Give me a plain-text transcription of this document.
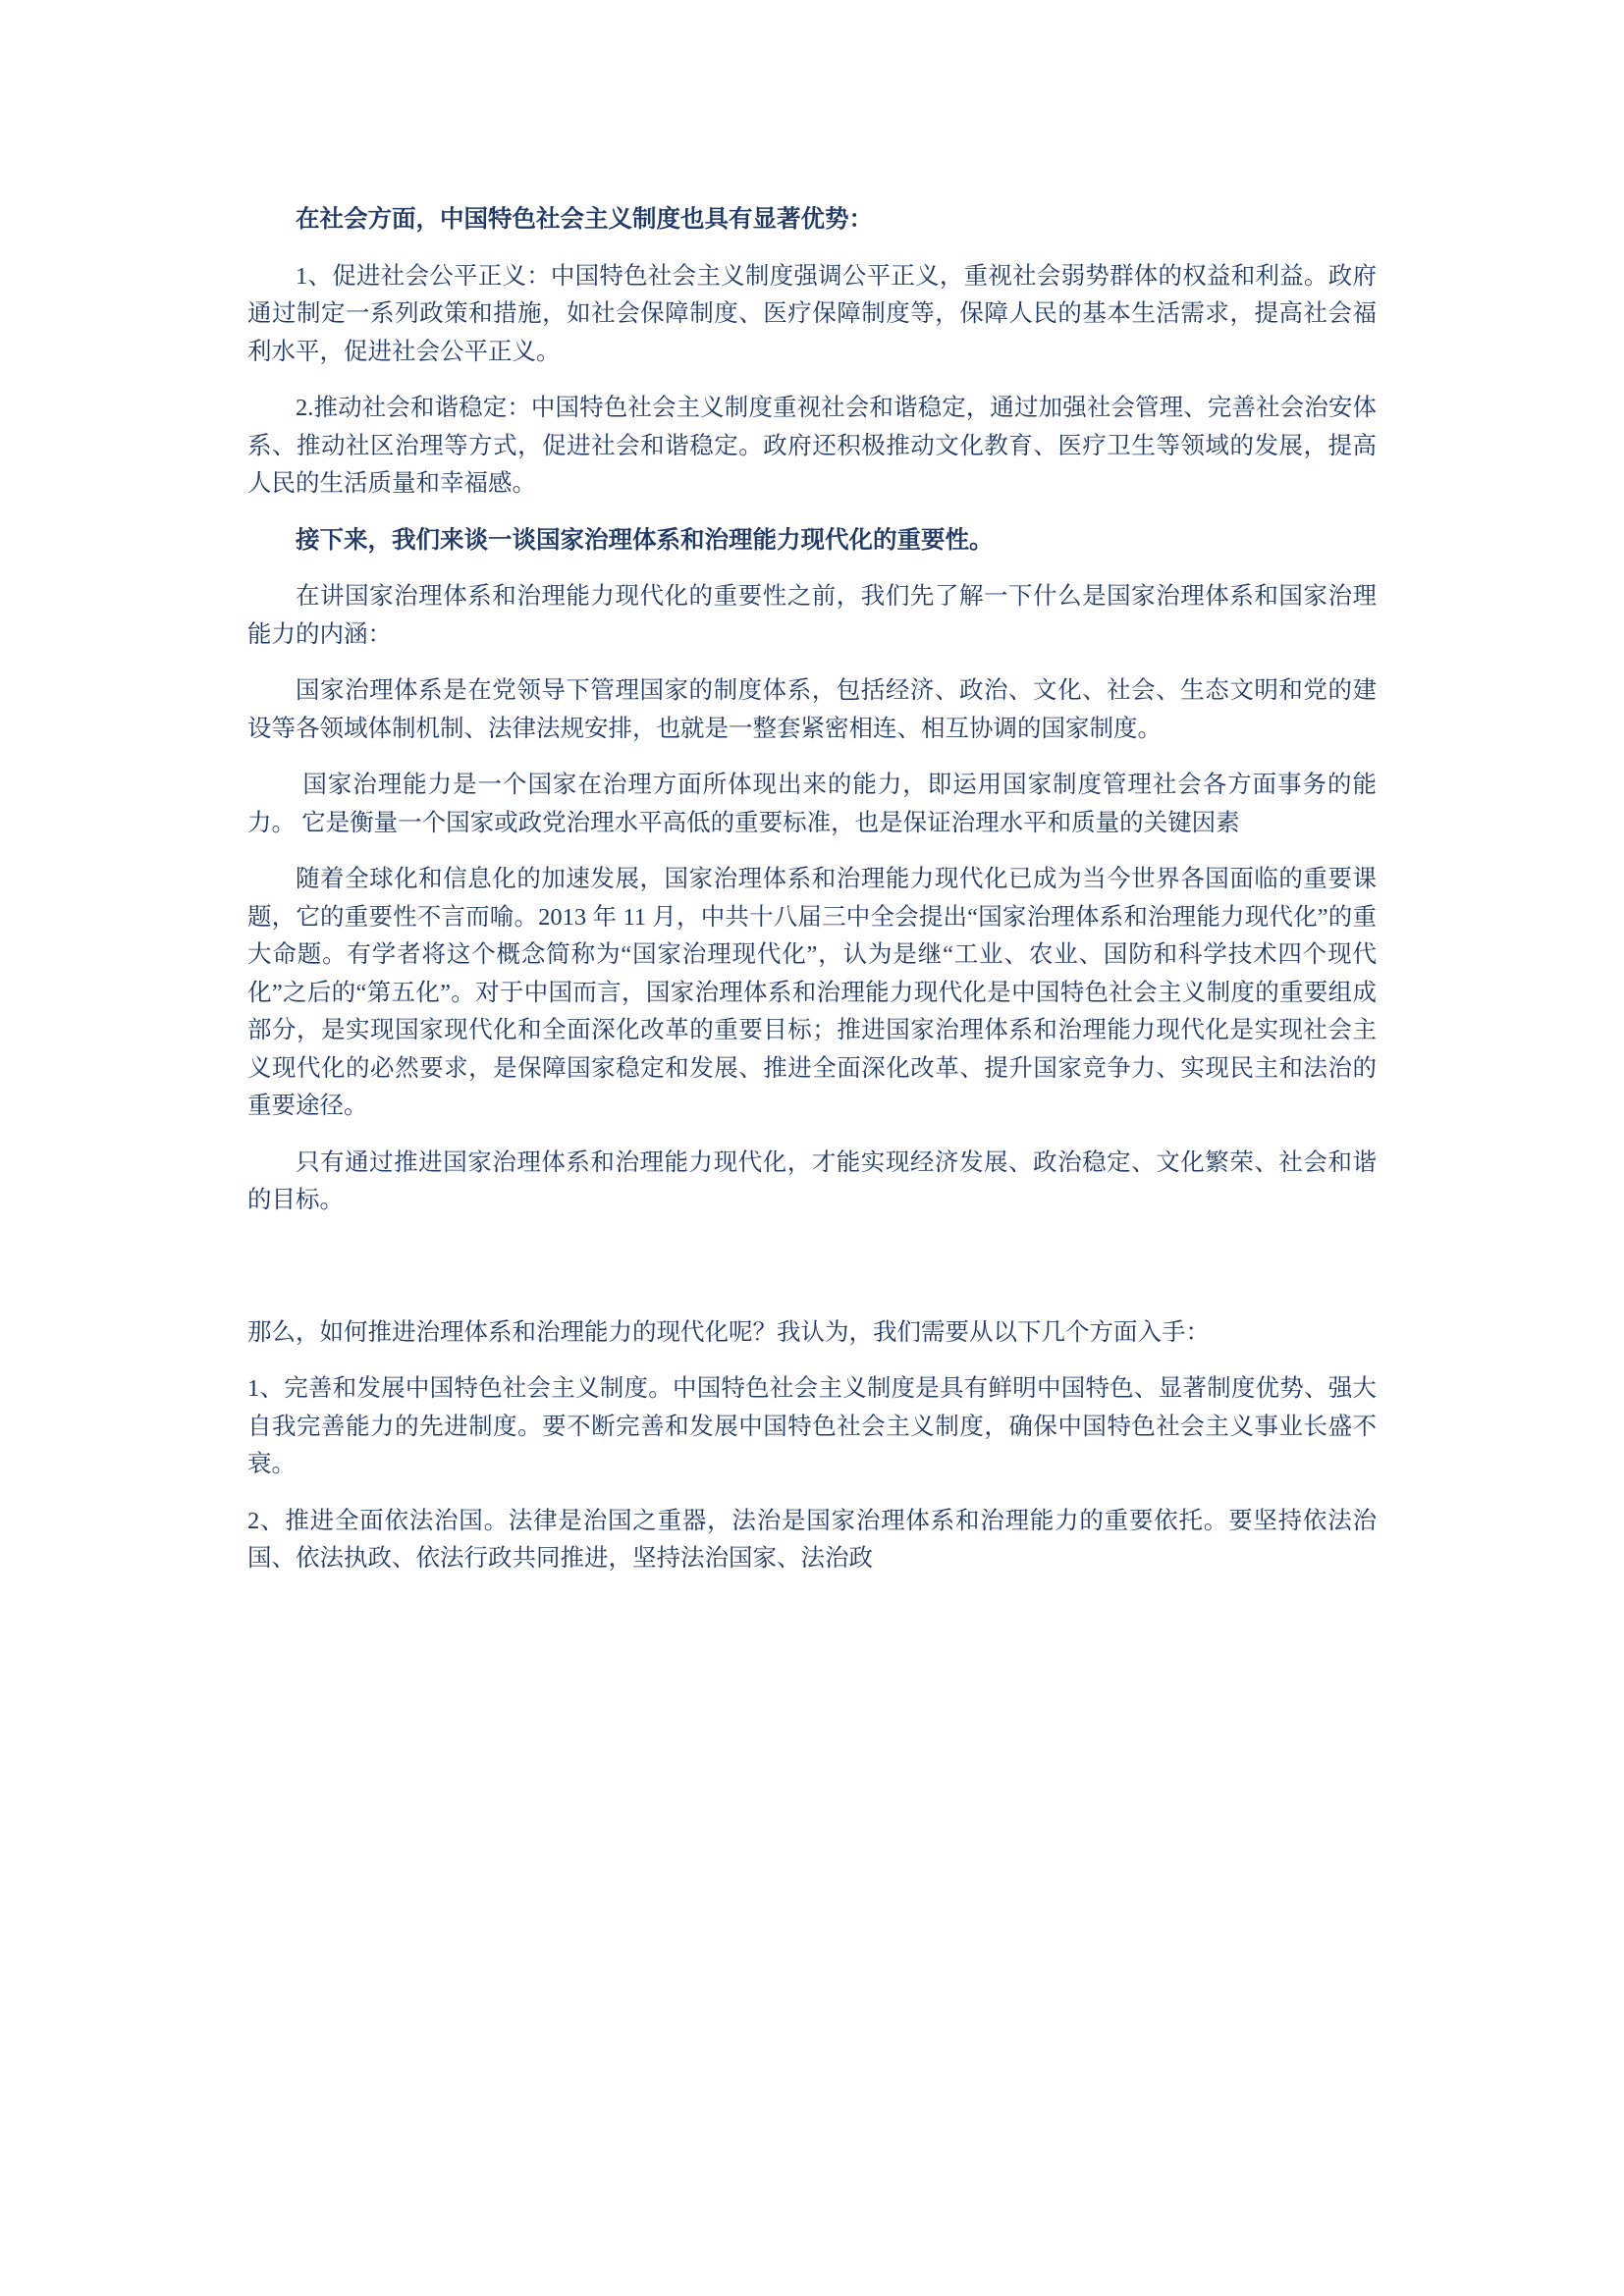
在社会方面，中国特色社会主义制度也具有显著优势：

1、促进社会公平正义：中国特色社会主义制度强调公平正义，重视社会弱势群体的权益和利益。政府通过制定一系列政策和措施，如社会保障制度、医疗保障制度等，保障人民的基本生活需求，提高社会福利水平，促进社会公平正义。

2.推动社会和谐稳定：中国特色社会主义制度重视社会和谐稳定，通过加强社会管理、完善社会治安体系、推动社区治理等方式，促进社会和谐稳定。政府还积极推动文化教育、医疗卫生等领域的发展，提高人民的生活质量和幸福感。

接下来，我们来谈一谈国家治理体系和治理能力现代化的重要性。

在讲国家治理体系和治理能力现代化的重要性之前，我们先了解一下什么是国家治理体系和国家治理能力的内涵：

国家治理体系是在党领导下管理国家的制度体系，包括经济、政治、文化、社会、生态文明和党的建设等各领域体制机制、法律法规安排，也就是一整套紧密相连、相互协调的国家制度。

国家治理能力是一个国家在治理方面所体现出来的能力，即运用国家制度管理社会各方面事务的能力。 它是衡量一个国家或政党治理水平高低的重要标准，也是保证治理水平和质量的关键因素

随着全球化和信息化的加速发展，国家治理体系和治理能力现代化已成为当今世界各国面临的重要课题，它的重要性不言而喻。2013 年 11 月，中共十八届三中全会提出“国家治理体系和治理能力现代化”的重大命题。有学者将这个概念简称为“国家治理现代化”，认为是继“工业、农业、国防和科学技术四个现代化”之后的“第五化”。对于中国而言，国家治理体系和治理能力现代化是中国特色社会主义制度的重要组成部分，是实现国家现代化和全面深化改革的重要目标；推进国家治理体系和治理能力现代化是实现社会主义现代化的必然要求，是保障国家稳定和发展、推进全面深化改革、提升国家竞争力、实现民主和法治的重要途径。

只有通过推进国家治理体系和治理能力现代化，才能实现经济发展、政治稳定、文化繁荣、社会和谐的目标。

那么，如何推进治理体系和治理能力的现代化呢？我认为，我们需要从以下几个方面入手：

1、完善和发展中国特色社会主义制度。中国特色社会主义制度是具有鲜明中国特色、显著制度优势、强大自我完善能力的先进制度。要不断完善和发展中国特色社会主义制度，确保中国特色社会主义事业长盛不衰。

2、推进全面依法治国。法律是治国之重器，法治是国家治理体系和治理能力的重要依托。要坚持依法治国、依法执政、依法行政共同推进，坚持法治国家、法治政
